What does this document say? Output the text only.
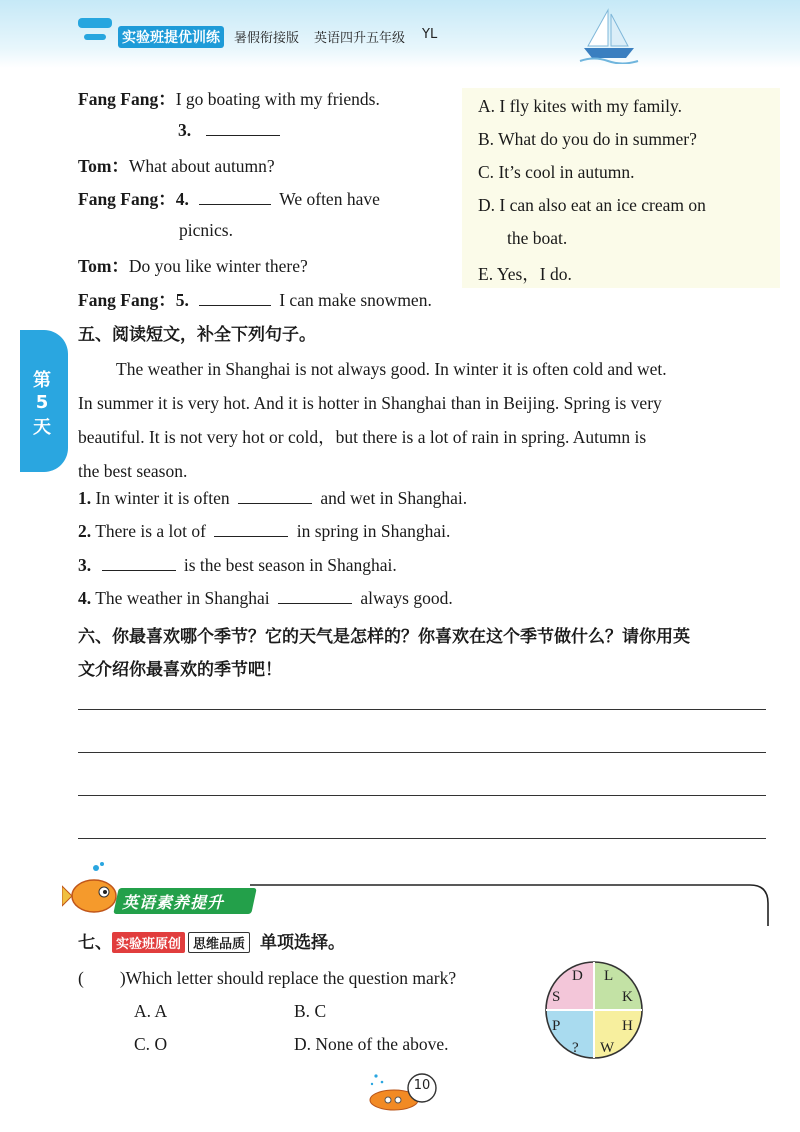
实验班提优训练	暑假衔接版 英语四升五年级 YL
第
5
天
Fang Fang：I go boating with my friends.
3.
Tom：What about autumn?
Fang Fang：4.	We often have
picnics.
Tom：Do you like winter there?
Fang Fang：5.	I can make snowmen.
A. I fly kites with my family.
B. What do you do in summer?
C. It’s cool in autumn.
D. I can also eat an ice cream on
the boat.
E. Yes，I do.
五、阅读短文，补全下列句子。
The weather in Shanghai is not always good. In winter it is often cold and wet.
In summer it is very hot. And it is hotter in Shanghai than in Beijing. Spring is very
beautiful. It is not very hot or cold，but there is a lot of rain in spring. Autumn is
the best season.
1. In winter it is often	and wet in Shanghai.
2. There is a lot of	in spring in Shanghai.
3.	is the best season in Shanghai.
4. The weather in Shanghai	always good.
六、你最喜欢哪个季节？它的天气是怎样的？你喜欢在这个季节做什么？请你用英
文介绍你最喜欢的季节吧！
英语素养提升
七、 实验班原创 思维品质 单项选择。
( )Which letter should replace the question mark?
A. A	B. C
C. O	D. None of the above.
D L
S	K
P	H
? W
10
